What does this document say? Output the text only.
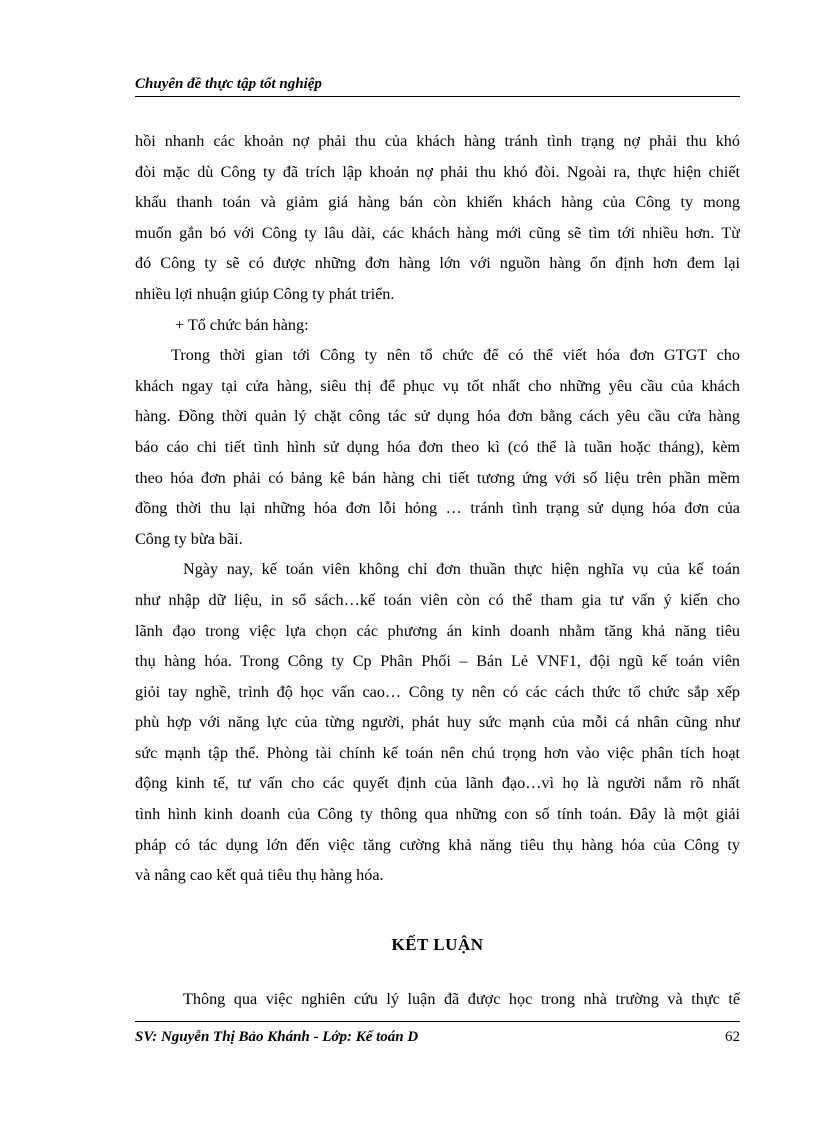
Chuyên đề thực tập tốt nghiệp
hồi nhanh các khoản nợ phải thu của khách hàng tránh tình trạng nợ phải thu khó
đòi mặc dù Công ty đã trích lập khoản nợ phải thu khó đòi. Ngoài ra, thực hiện chiết
khấu thanh toán và giảm giá hàng bán còn khiến khách hàng của Công ty mong
muốn gắn bó với Công ty lâu dài, các khách hàng mới cũng sẽ tìm tới nhiều hơn. Từ
đó Công ty sẽ có được những đơn hàng lớn với nguồn hàng ổn định hơn đem lại
nhiều lợi nhuận giúp Công ty phát triển.
+ Tổ chức bán hàng:
Trong thời gian tới Công ty nên tổ chức để có thể viết hóa đơn GTGT cho
khách ngay tại cửa hàng, siêu thị để phục vụ tốt nhất cho những yêu cầu của khách
hàng. Đồng thời quản lý chặt công tác sử dụng hóa đơn bằng cách yêu cầu cửa hàng
báo cáo chi tiết tình hình sử dụng hóa đơn theo kì (có thể là tuần hoặc tháng), kèm
theo hóa đơn phải có bảng kê bán hàng chi tiết tương ứng với số liệu trên phần mềm
đồng thời thu lại những hóa đơn lỗi hỏng … tránh tình trạng sử dụng hóa đơn của
Công ty bừa bãi.
Ngày nay, kế toán viên không chỉ đơn thuần thực hiện nghĩa vụ của kế toán
như nhập dữ liệu, in sổ sách…kế toán viên còn có thể tham gia tư vấn ý kiến cho
lãnh đạo trong việc lựa chọn các phương án kinh doanh nhằm tăng khả năng tiêu
thụ hàng hóa. Trong Công ty Cp Phân Phối – Bán Lẻ VNF1, đội ngũ kế toán viên
giỏi tay nghề, trình độ học vấn cao… Công ty nên có các cách thức tổ chức sắp xếp
phù hợp với năng lực của từng người, phát huy sức mạnh của mỗi cá nhân cũng như
sức mạnh tập thể. Phòng tài chính kế toán nên chú trọng hơn vào việc phân tích hoạt
động kinh tế, tư vấn cho các quyết định của lãnh đạo…vì họ là người nắm rõ nhất
tình hình kinh doanh của Công ty thông qua những con số tính toán. Đây là một giải
pháp có tác dụng lớn đến việc tăng cường khả năng tiêu thụ hàng hóa của Công ty
và nâng cao kết quả tiêu thụ hàng hóa.
KẾT LUẬN
Thông qua việc nghiên cứu lý luận đã được học trong nhà trường và thực tế
SV: Nguyễn Thị Bảo Khánh - Lớp: Kế toán D	62
